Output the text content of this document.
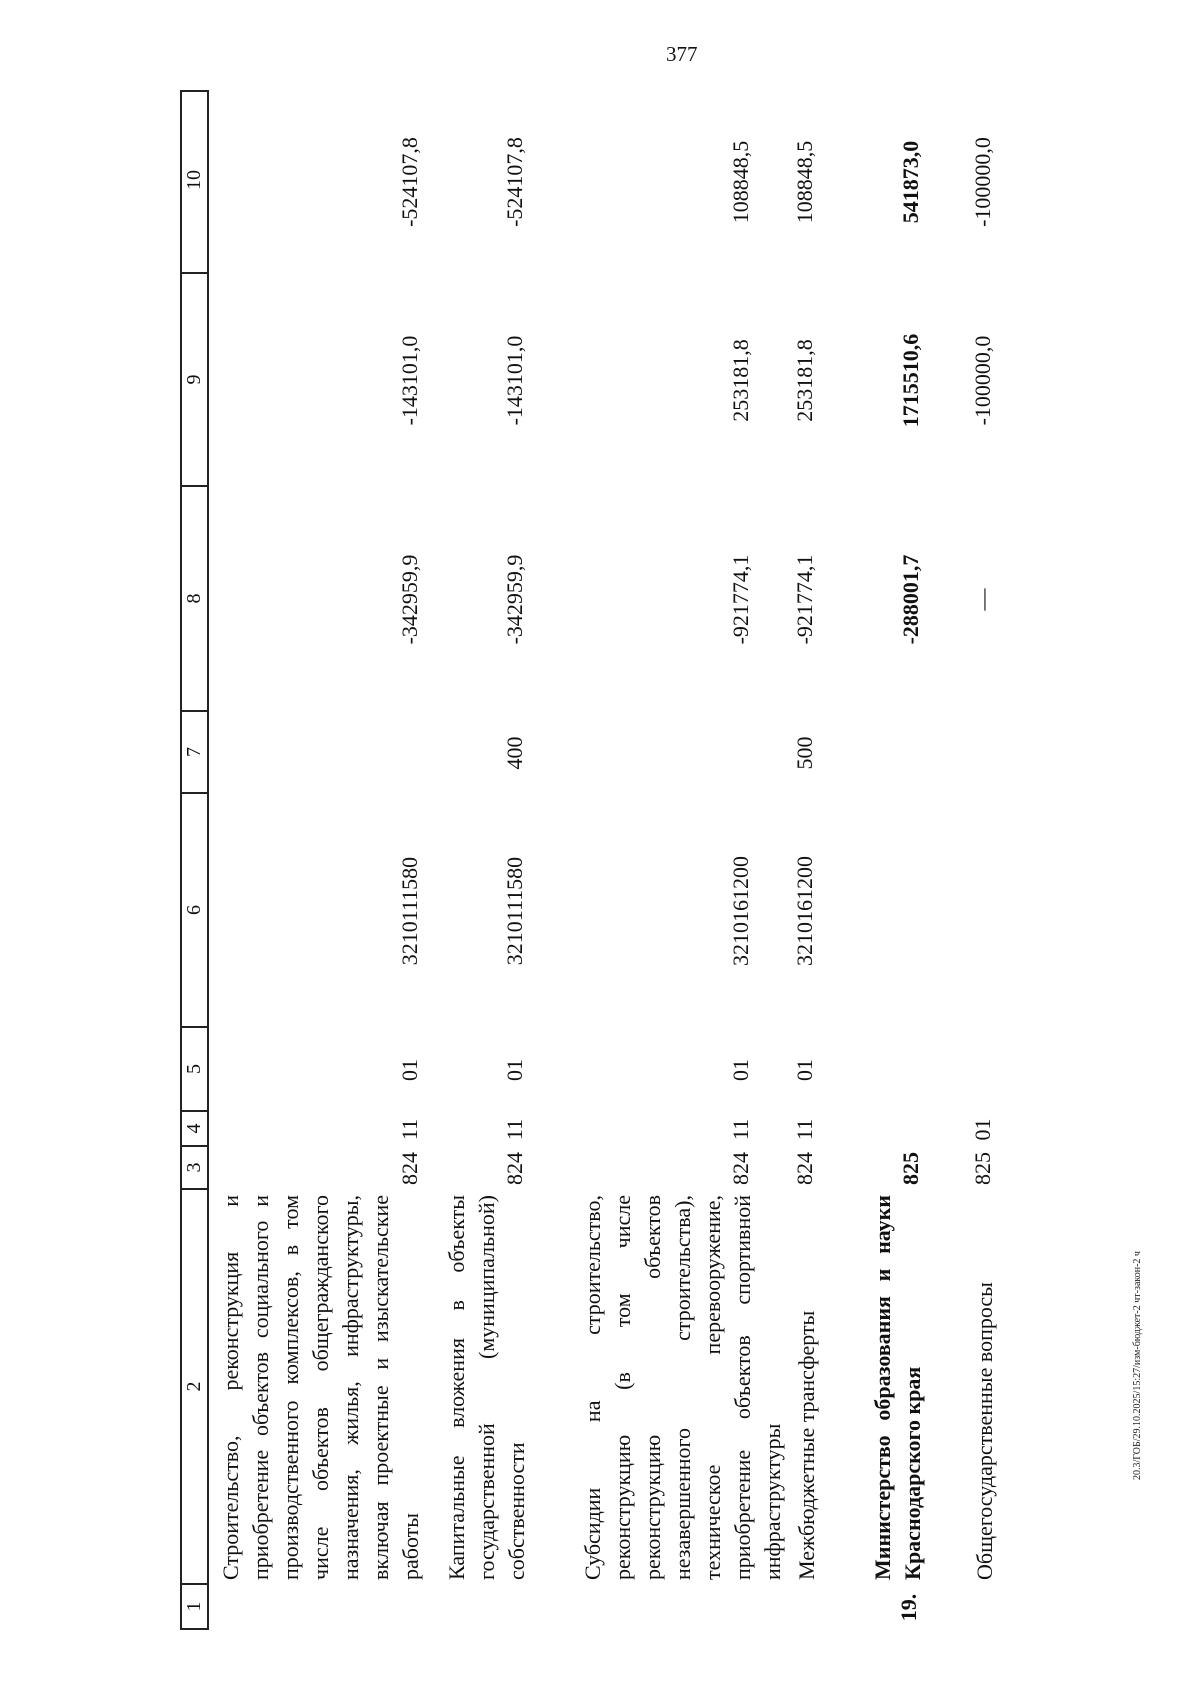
377
20.3/ГОБ/29.10.2025/15:27/изм-бюджет-2 чт-закон-2 ч
1
2
3
4
5
6
7
8
9
10
Строительство, реконструкция и приобретение объектов социального и производственного комплексов, в том числе объектов общегражданского назначения, жилья, инфраструктуры, включая проектные и изыскательские работы
824
11
01
3210111580
-342959,9
-143101,0
-524107,8
Капитальные вложения в объекты государственной (муниципальной) собственности
824
11
01
3210111580
400
-342959,9
-143101,0
-524107,8
Субсидии на строительство, реконструкцию (в том числе реконструкцию объектов незавершенного строительства), техническое перевооружение, приобретение объектов спортивной инфраструктуры
824
11
01
3210161200
-921774,1
253181,8
108848,5
Межбюджетные трансферты
824
11
01
3210161200
500
-921774,1
253181,8
108848,5
19.
Министерство образования и науки Краснодарского края
825
-288001,7
1715510,6
541873,0
Общегосударственные вопросы
825
01
—
-100000,0
-100000,0
